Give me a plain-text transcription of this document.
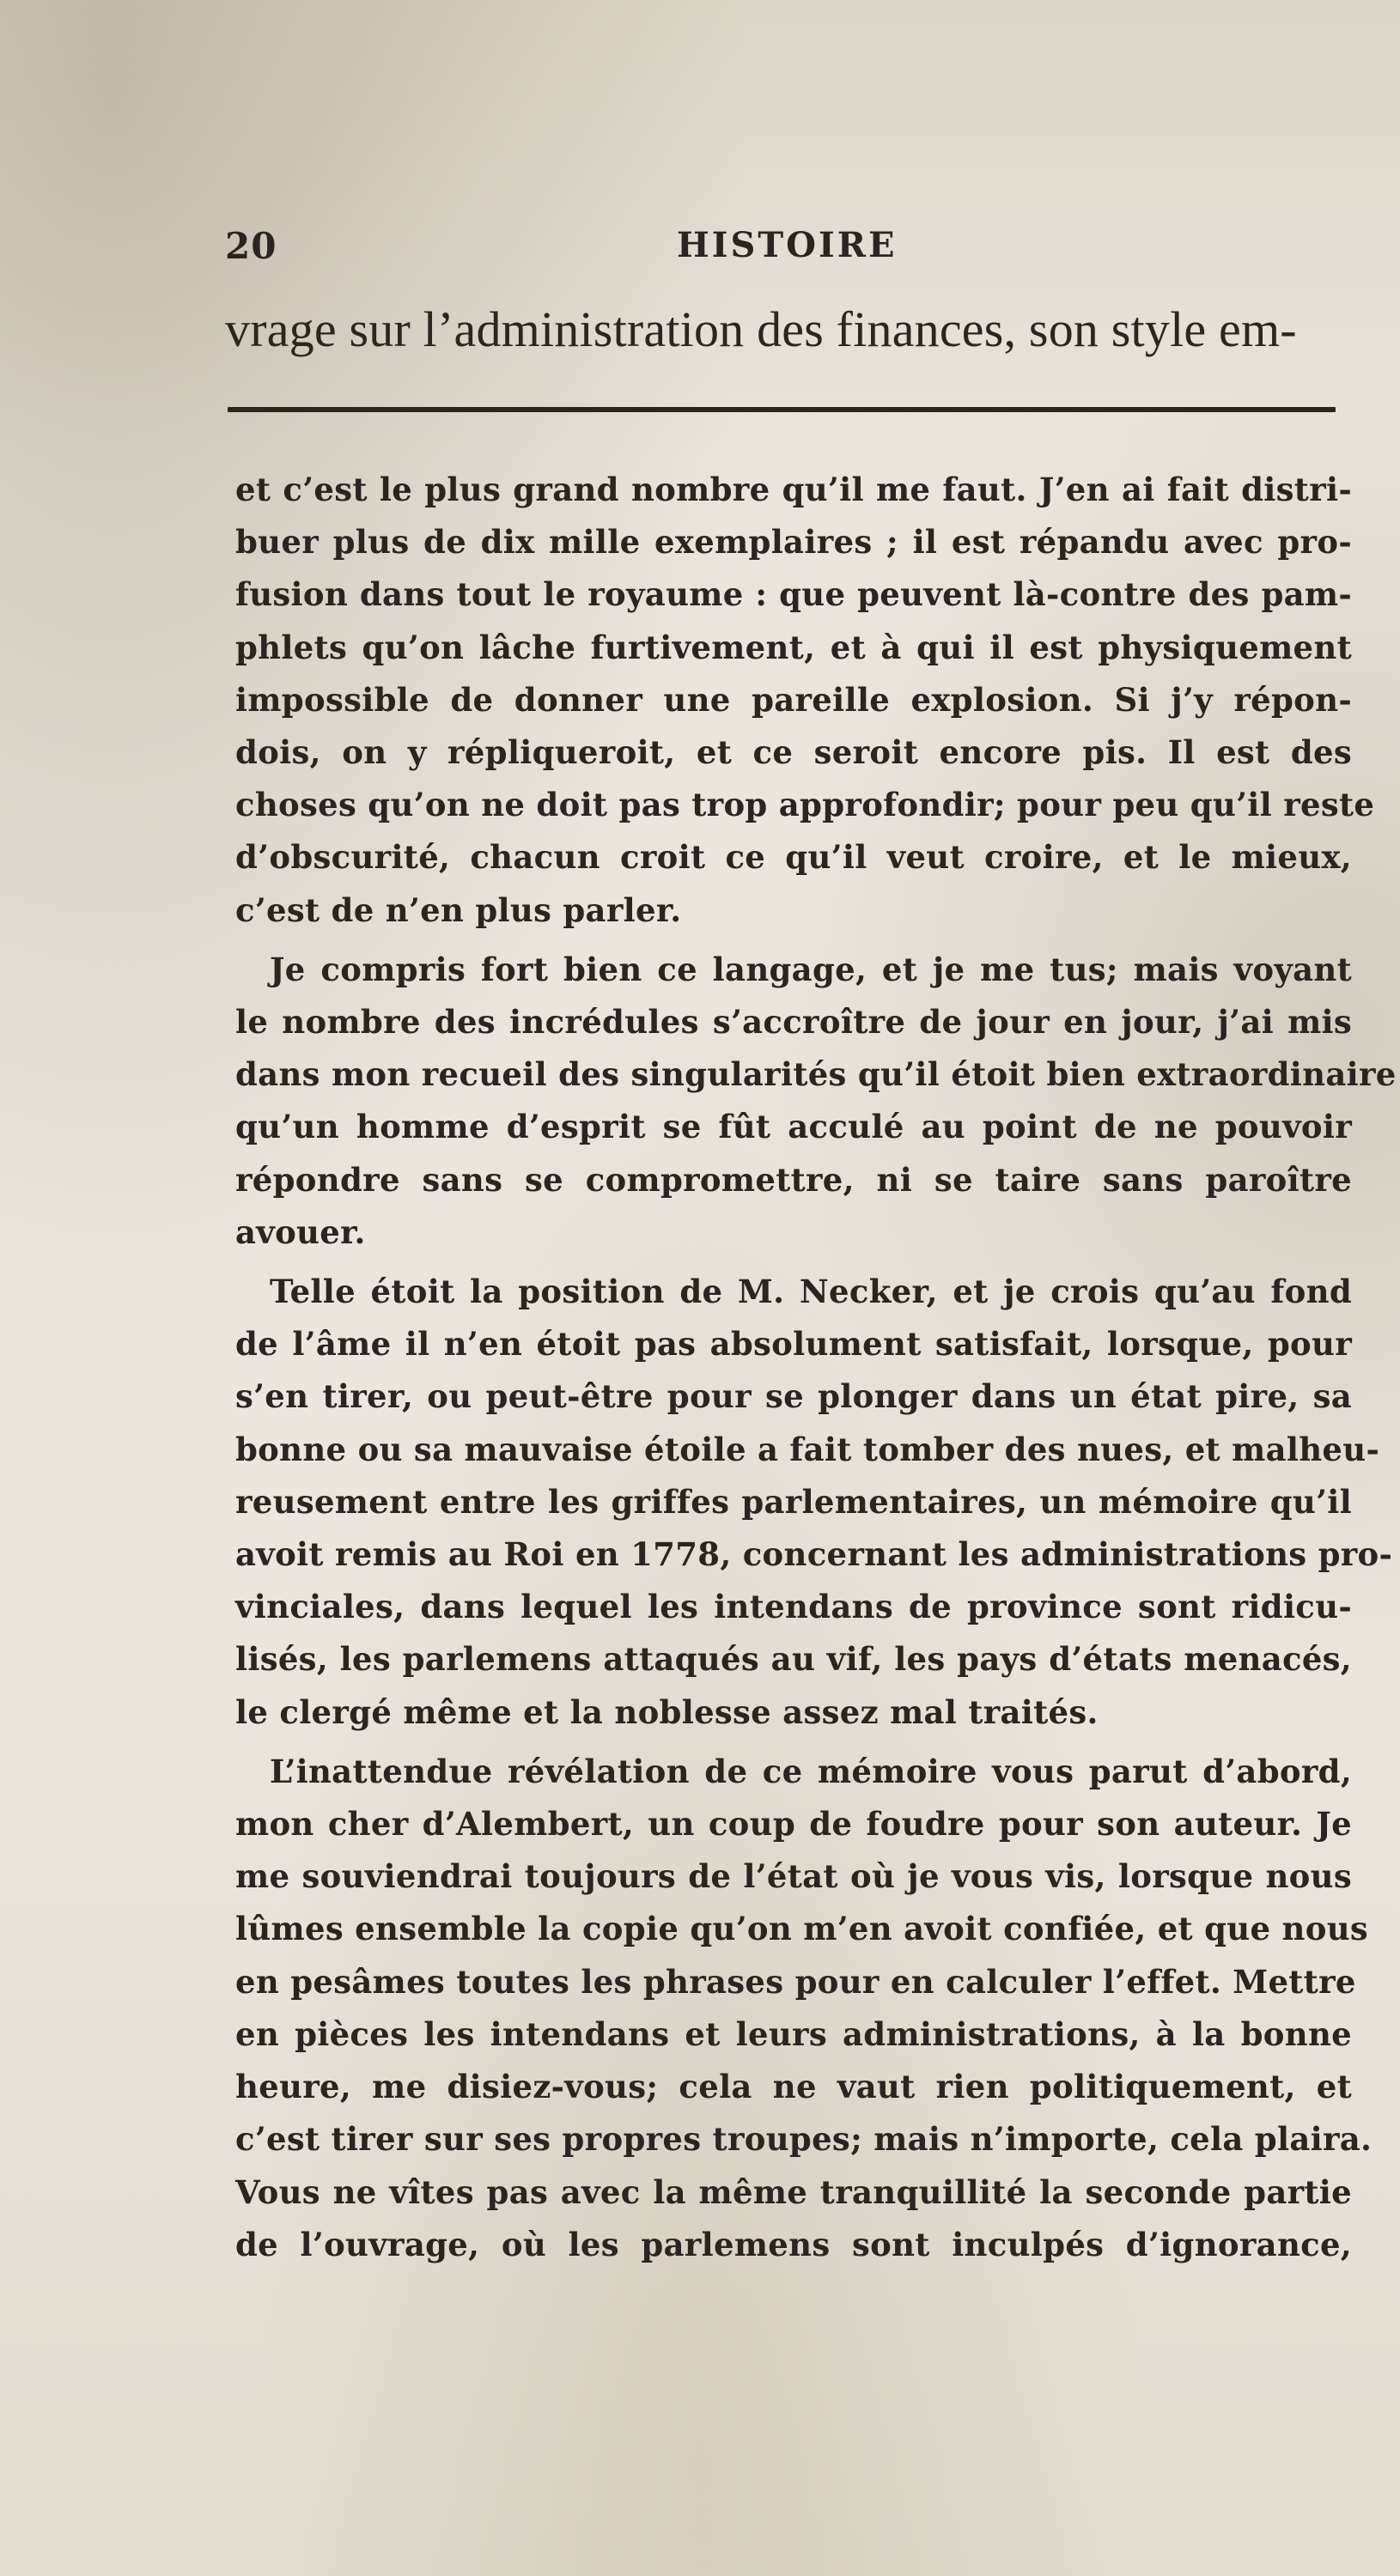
20	HISTOIRE
vrage sur l’administration des finances, son style em-
et c’est le plus grand nombre qu’il me faut. J’en ai fait distri-
buer plus de dix mille exemplaires ; il est répandu avec pro-
fusion dans tout le royaume : que peuvent là-contre des pam-
phlets qu’on lâche furtivement, et à qui il est physiquement
impossible de donner une pareille explosion. Si j’y répon-
dois, on y répliqueroit, et ce seroit encore pis. Il est des
choses qu’on ne doit pas trop approfondir; pour peu qu’il reste
d’obscurité, chacun croit ce qu’il veut croire, et le mieux,
c’est de n’en plus parler.
Je compris fort bien ce langage, et je me tus; mais voyant
le nombre des incrédules s’accroître de jour en jour, j’ai mis
dans mon recueil des singularités qu’il étoit bien extraordinaire
qu’un homme d’esprit se fût acculé au point de ne pouvoir
répondre sans se compromettre, ni se taire sans paroître
avouer.
Telle étoit la position de M. Necker, et je crois qu’au fond
de l’âme il n’en étoit pas absolument satisfait, lorsque, pour
s’en tirer, ou peut-être pour se plonger dans un état pire, sa
bonne ou sa mauvaise étoile a fait tomber des nues, et malheu-
reusement entre les griffes parlementaires, un mémoire qu’il
avoit remis au Roi en 1778, concernant les administrations pro-
vinciales, dans lequel les intendans de province sont ridicu-
lisés, les parlemens attaqués au vif, les pays d’états menacés,
le clergé même et la noblesse assez mal traités.
L’inattendue révélation de ce mémoire vous parut d’abord,
mon cher d’Alembert, un coup de foudre pour son auteur. Je
me souviendrai toujours de l’état où je vous vis, lorsque nous
lûmes ensemble la copie qu’on m’en avoit confiée, et que nous
en pesâmes toutes les phrases pour en calculer l’effet. Mettre
en pièces les intendans et leurs administrations, à la bonne
heure, me disiez-vous; cela ne vaut rien politiquement, et
c’est tirer sur ses propres troupes; mais n’importe, cela plaira.
Vous ne vîtes pas avec la même tranquillité la seconde partie
de l’ouvrage, où les parlemens sont inculpés d’ignorance,
